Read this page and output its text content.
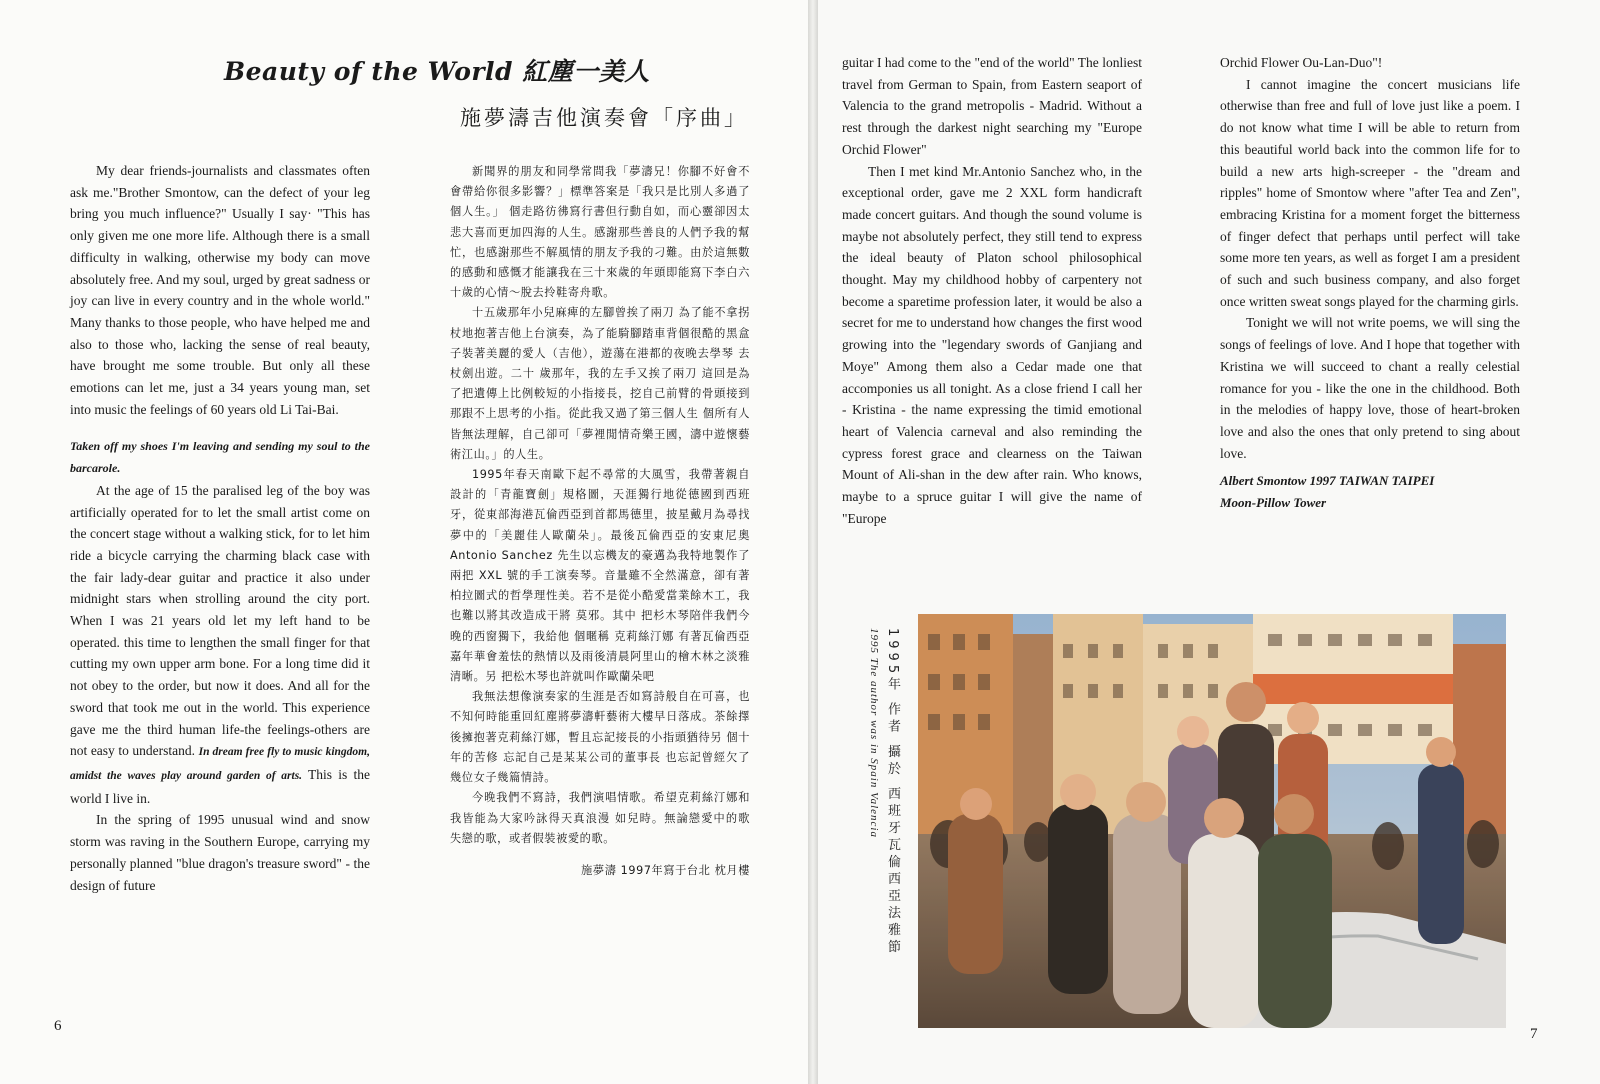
Beauty of the World 紅塵一美人
施夢濤吉他演奏會「序曲」

My dear friends-journalists and classmates often ask me."Brother Smontow, can the defect of your leg bring you much influence?" Usually I say· "This has only given me one more life. Although there is a small difficulty in walking, otherwise my body can move absolutely free. And my soul, urged by great sadness or joy can live in every country and in the whole world." Many thanks to those people, who have helped me and also to those who, lacking the sense of real beauty, have brought me some trouble. But only all these emotions can let me, just a 34 years young man, set into music the feelings of 60 years old Li Tai-Bai.

Taken off my shoes I'm leaving and sending my soul to the barcarole.

At the age of 15 the paralised leg of the boy was artificially operated for to let the small artist come on the concert stage without a walking stick, for to let him ride a bicycle carrying the charming black case with the fair lady-dear guitar and practice it also under midnight stars when strolling around the city port. When I was 21 years old let my left hand to be operated. this time to lengthen the small finger for that cutting my own upper arm bone. For a long time did it not obey to the order, but now it does. And all for the sword that took me out in the world. This experience gave me the third human life-the feelings-others are not easy to understand. In dream free fly to music kingdom, amidst the waves play around garden of arts. This is the world I live in.

In the spring of 1995 unusual wind and snow storm was raving in the Southern Europe, carrying my personally planned "blue dragon's treasure sword" - the design of future

新聞界的朋友和同學常問我「夢濤兄！你腳不好會不會帶給你很多影響？」標準答案是「我只是比別人多過了 個人生。」 個走路彷彿寫行書但行動自如，而心靈卻因太悲大喜而更加四海的人生。感謝那些善良的人們予我的幫忙，也感謝那些不解風情的朋友予我的刁難。由於這無數的感動和感慨才能讓我在三十來歲的年頭即能寫下李白六十歲的心情～脫去拎鞋寄舟歌。

十五歲那年小兒麻痺的左腳曾挨了兩刀 為了能不拿拐杖地抱著吉他上台演奏，為了能騎腳踏車背個很酷的黑盒子裝著美麗的愛人（吉他），遊蕩在港都的夜晚去學琴 去杖劍出遊。二十 歲那年，我的左手又挨了兩刀 這回是為了把遺傳上比例較短的小指接長，挖自己前臂的骨頭接到那跟不上思考的小指。從此我又過了第三個人生 個所有人皆無法理解，自己卻可「夢裡閒情奇樂王國，濤中遊懷藝術江山。」的人生。

1995年春天南歐下起不尋常的大風雪，我帶著親自設計的「青龍寶劍」規格圖，天涯獨行地從德國到西班牙，從東部海港瓦倫西亞到首都馬德里，披星戴月為尋找夢中的「美麗佳人歐蘭朵」。最後瓦倫西亞的安東尼奧 Antonio Sanchez 先生以忘機友的豪邁為我特地製作了兩把 XXL 號的手工演奏琴。音量雖不全然滿意，卻有著柏拉圖式的哲學理性美。若不是從小酷愛當業餘木工，我也難以將其改造成干將 莫邪。其中 把杉木琴陪伴我們今晚的西窗獨下，我給他 個暱稱 克莉絲汀娜 有著瓦倫西亞嘉年華會羞怯的熱情以及雨後清晨阿里山的檜木林之淡雅清晰。另 把松木琴也許就叫作歐蘭朵吧

我無法想像演奏家的生涯是否如寫詩般自在可喜，也不知何時能重回紅塵將夢濤軒藝術大樓早日落成。茶餘擇後擁抱著克莉絲汀娜，暫且忘記接長的小指頭猶待另 個十年的苦修 忘記自己是某某公司的董事長 也忘記曾經欠了幾位女子幾篇情詩。

今晚我們不寫詩，我們演唱情歌。希望克莉絲汀娜和我皆能為大家吟詠得天真浪漫 如兒時。無論戀愛中的歌 失戀的歌，或者假裝被愛的歌。

施夢濤 1997年寫于台北 枕月樓

6

guitar I had come to the "end of the world" The lonliest travel from German to Spain, from Eastern seaport of Valencia to the grand metropolis - Madrid. Without a rest through the darkest night searching my "Europe Orchid Flower"

Then I met kind Mr.Antonio Sanchez who, in the exceptional order, gave me 2 XXL form handicraft made concert guitars. And though the sound volume is maybe not absolutely perfect, they still tend to express the ideal beauty of Platon school philosophical thought. May my childhood hobby of carpentery not become a sparetime profession later, it would be also a secret for me to understand how changes the first wood growing into the "legendary swords of Ganjiang and Moye" Among them also a Cedar made one that accomponies us all tonight. As a close friend I call her - Kristina - the name expressing the timid emotional heart of Valencia carneval and also reminding the cypress forest grace and clearness on the Taiwan Mount of Ali-shan in the dew after rain. Who knows, maybe to a spruce guitar I will give the name of "Europe

Orchid Flower Ou-Lan-Duo"!

I cannot imagine the concert musicians life otherwise than free and full of love just like a poem. I do not know what time I will be able to return from this beautiful world back into the common life for to build a new arts high-screeper - the "dream and ripples" home of Smontow where "after Tea and Zen", embracing Kristina for a moment forget the bitterness of finger defect that perhaps until perfect will take some more ten years, as well as forget I am a president of such and such business company, and also forget once written sweat songs played for the charming girls.

Tonight we will not write poems, we will sing the songs of feelings of love. And I hope that together with Kristina we will succeed to chant a really celestial romance for you - like the one in the childhood. Both in the melodies of happy love, those of heart-broken love and also the ones that only pretend to sing about love.

Albert Smontow 1997 TAIWAN TAIPEI
Moon-Pillow Tower
7
1995 The author was in Spain Valencia 1995年 作者 攝於 西班牙瓦倫西亞法雅節
